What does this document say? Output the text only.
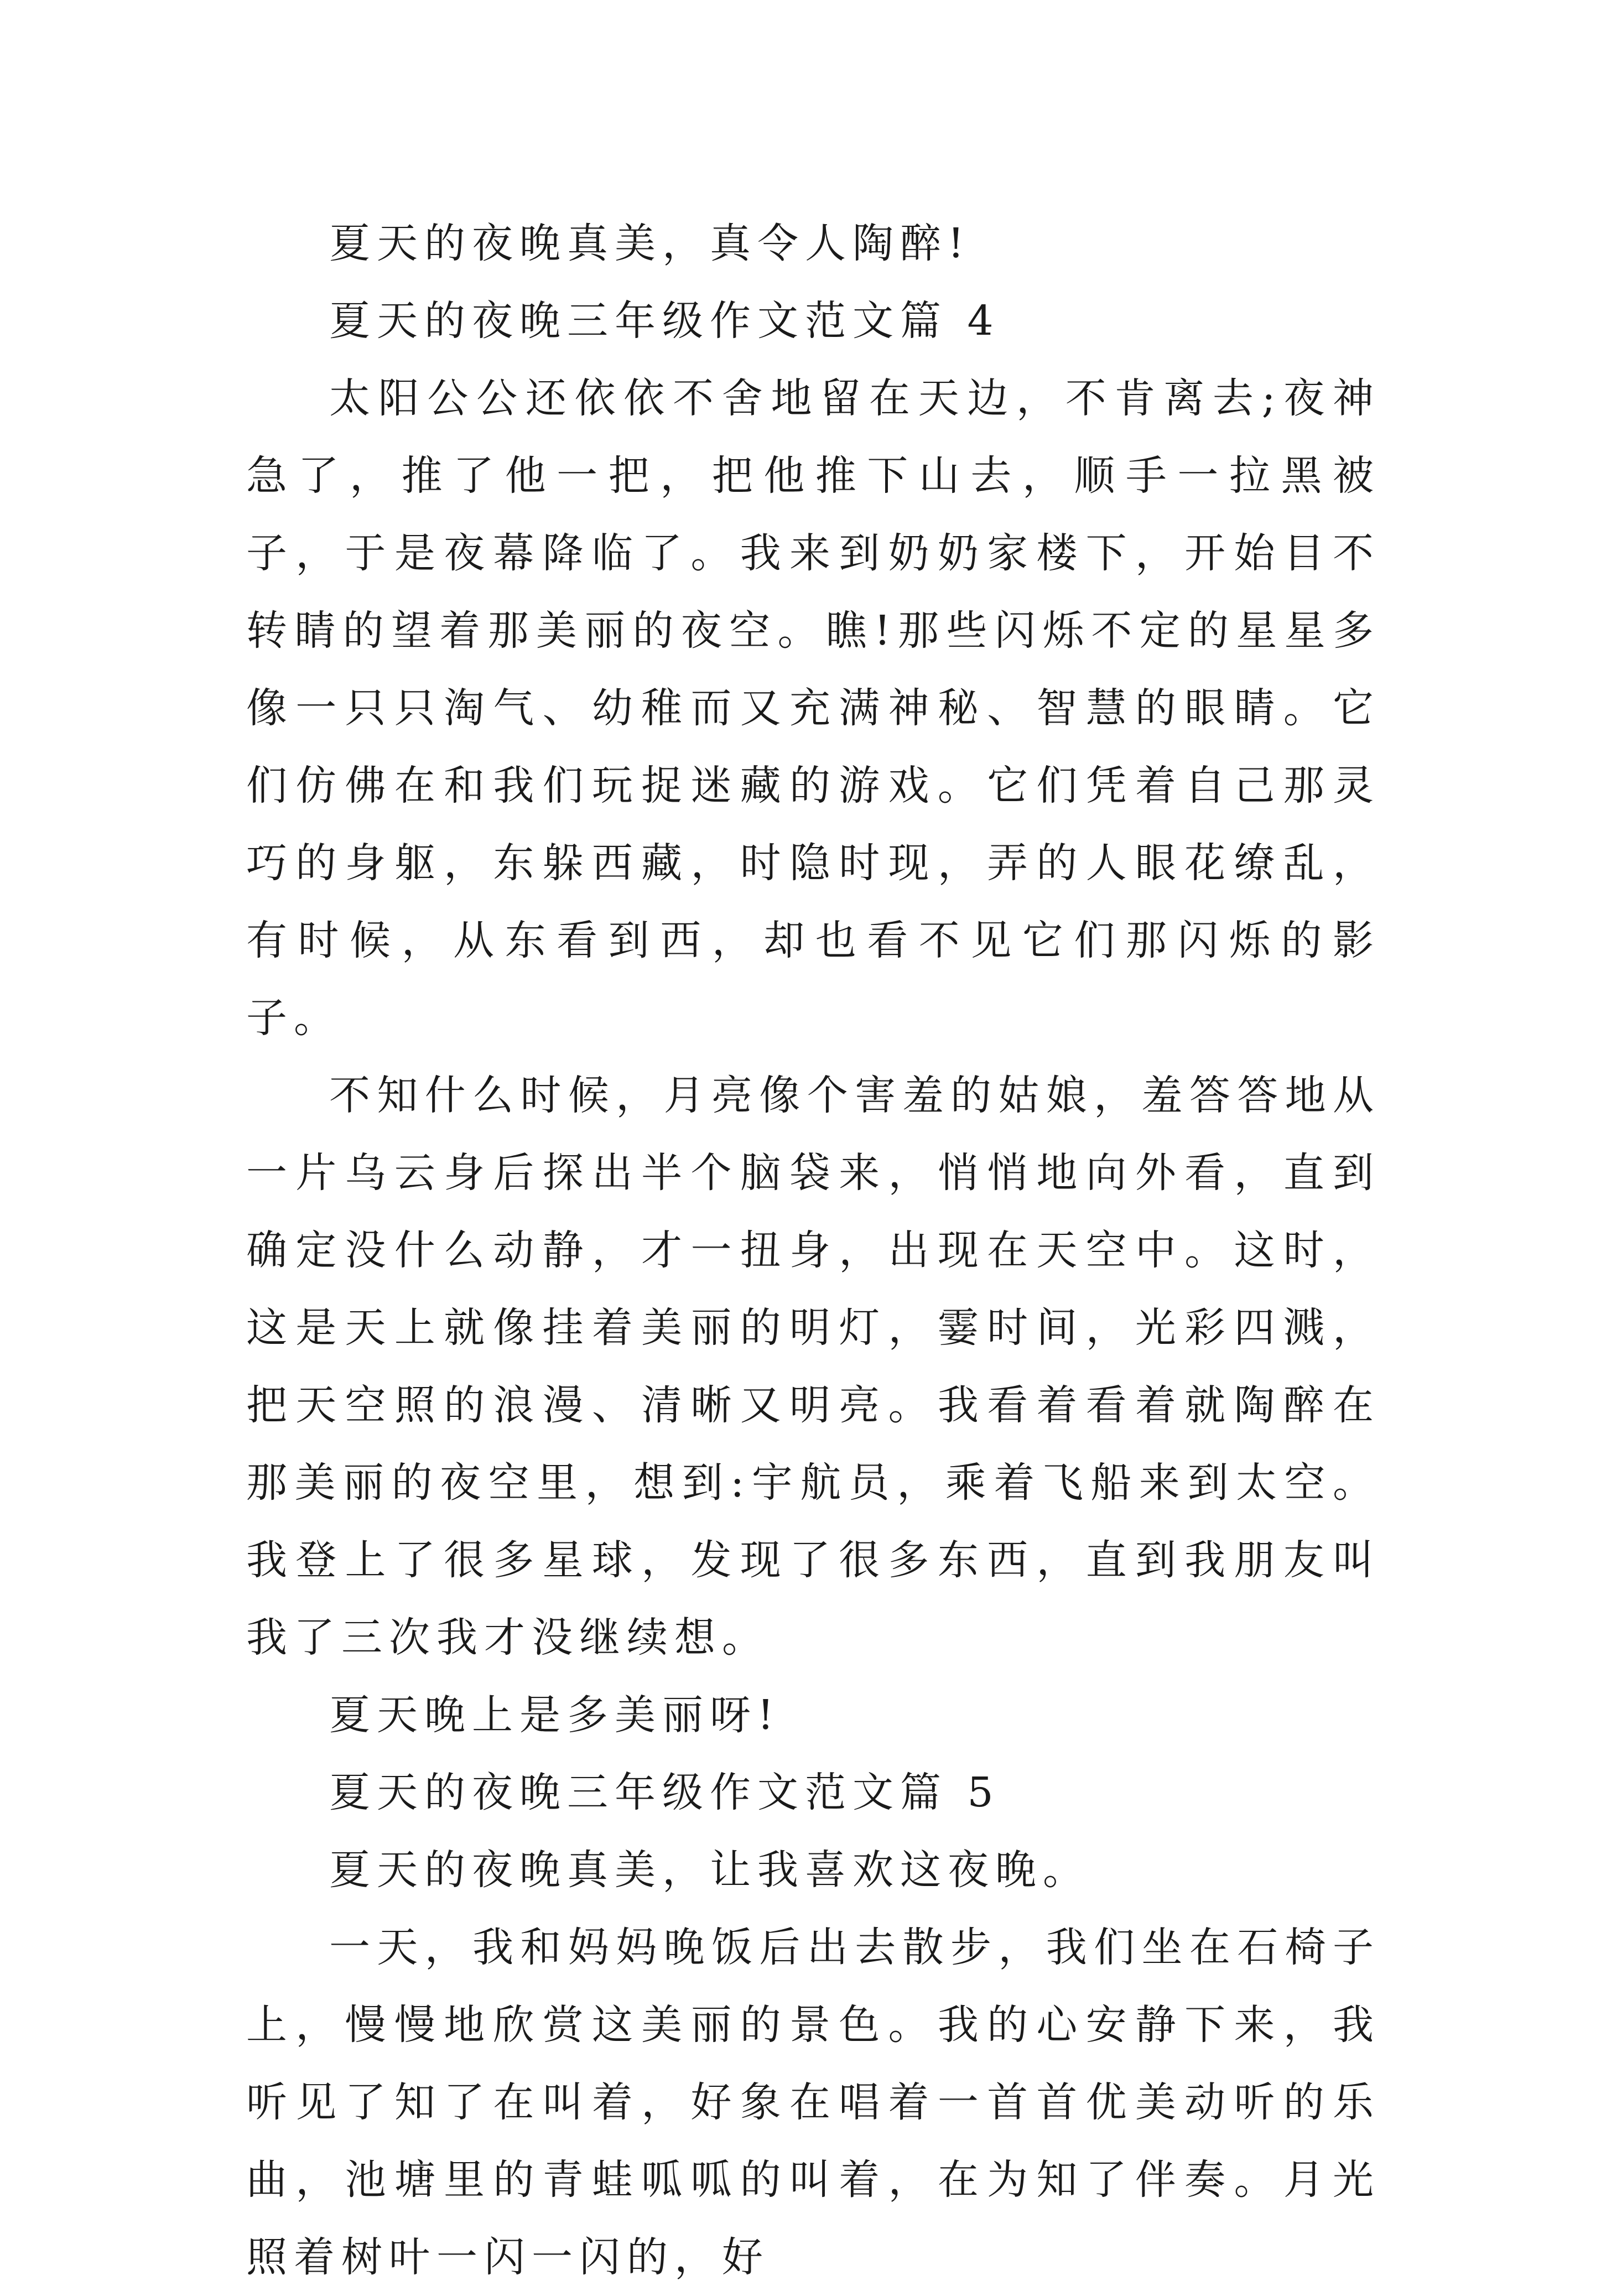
夏天的夜晚真美，真令人陶醉!

夏天的夜晚三年级作文范文篇 4

太阳公公还依依不舍地留在天边，不肯离去;夜神急了，推了他一把，把他推下山去，顺手一拉黑被子，于是夜幕降临了。我来到奶奶家楼下，开始目不转睛的望着那美丽的夜空。瞧!那些闪烁不定的星星多像一只只淘气、幼稚而又充满神秘、智慧的眼睛。它们仿佛在和我们玩捉迷藏的游戏。它们凭着自己那灵巧的身躯，东躲西藏，时隐时现，弄的人眼花缭乱，有时候，从东看到西，却也看不见它们那闪烁的影子。

不知什么时候，月亮像个害羞的姑娘，羞答答地从一片乌云身后探出半个脑袋来，悄悄地向外看，直到确定没什么动静，才一扭身，出现在天空中。这时，这是天上就像挂着美丽的明灯，霎时间，光彩四溅，把天空照的浪漫、清晰又明亮。我看着看着就陶醉在那美丽的夜空里，想到:宇航员，乘着飞船来到太空。我登上了很多星球，发现了很多东西，直到我朋友叫我了三次我才没继续想。

夏天晚上是多美丽呀!

夏天的夜晚三年级作文范文篇 5

夏天的夜晚真美，让我喜欢这夜晚。

一天，我和妈妈晚饭后出去散步，我们坐在石椅子上，慢慢地欣赏这美丽的景色。我的心安静下来，我听见了知了在叫着，好象在唱着一首首优美动听的乐曲，池塘里的青蛙呱呱的叫着，在为知了伴奏。月光照着树叶一闪一闪的，好
